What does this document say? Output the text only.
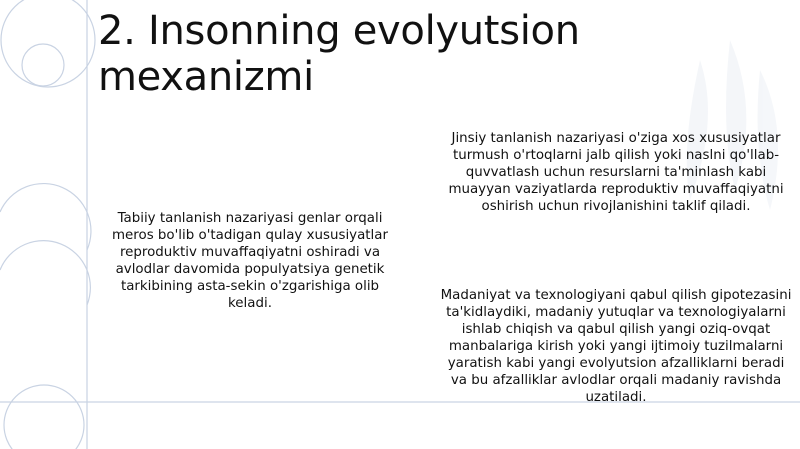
2. Insonning evolyutsion mexanizmi
Tabiiy tanlanish nazariyasi genlar orqali meros bo'lib o'tadigan qulay xususiyatlar reproduktiv muvaffaqiyatni oshiradi va avlodlar davomida populyatsiya genetik tarkibining asta-sekin o'zgarishiga olib keladi.
Jinsiy tanlanish nazariyasi o'ziga xos xususiyatlar turmush o'rtoqlarni jalb qilish yoki naslni qo'llab-quvvatlash uchun resurslarni ta'minlash kabi muayyan vaziyatlarda reproduktiv muvaffaqiyatni oshirish uchun rivojlanishini taklif qiladi.
Madaniyat va texnologiyani qabul qilish gipotezasini ta'kidlaydiki, madaniy yutuqlar va texnologiyalarni ishlab chiqish va qabul qilish yangi oziq-ovqat manbalariga kirish yoki yangi ijtimoiy tuzilmalarni yaratish kabi yangi evolyutsion afzalliklarni beradi va bu afzalliklar avlodlar orqali madaniy ravishda uzatiladi.
